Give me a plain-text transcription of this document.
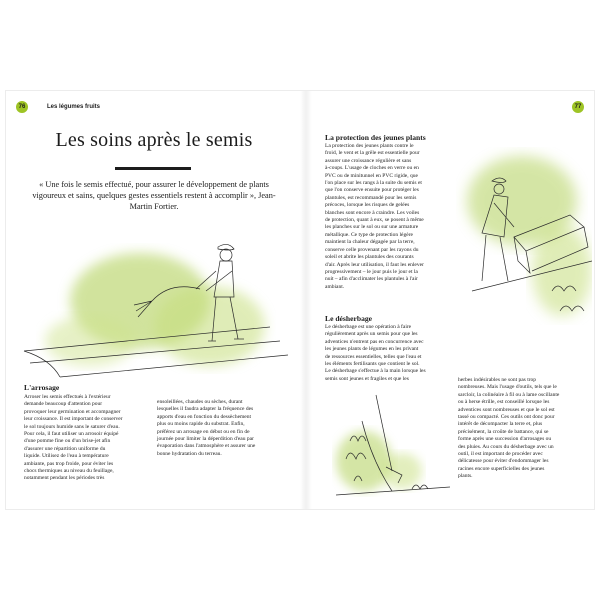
76	Les légumes fruits
Les soins après le semis

« Une fois le semis effectué, pour assurer le développement de plants vigoureux et sains, quelques gestes essentiels restent à accomplir », Jean-Martin Fortier.

L'arrosage

Arroser les semis effectués à l'extérieur
demande beaucoup d'attention pour
provoquer leur germination et accompagner
leur croissance. Il est important de conserver
le sol toujours humide sans le saturer d'eau.
Pour cela, il faut utiliser un arrosoir équipé
d'une pomme fine ou d'un brise-jet afin
d'assurer une répartition uniforme du
liquide. Utilisez de l'eau à température
ambiante, pas trop froide, pour éviter les
chocs thermiques au niveau du feuillage,
notamment pendant les périodes très

ensoleillées, chaudes ou sèches, durant
lesquelles il faudra adapter la fréquence des
apports d'eau en fonction du dessèchement
plus ou moins rapide du substrat. Enfin,
préférez un arrosage en début ou en fin de
journée pour limiter la déperdition d'eau par
évaporation dans l'atmosphère et assurer une
bonne hydratation du terreau.

77
La protection des jeunes plants

La protection des jeunes plants contre le
froid, le vent et la grêle est essentielle pour
assurer une croissance régulière et sans
à-coups. L'usage de cloches en verre ou en
PVC ou de minitunnel en PVC rigide, que
l'on place sur les rangs à la suite du semis et
que l'on conserve ensuite pour protéger les
plantules, est recommandé pour les semis
précoces, lorsque les risques de gelées
blanches sont encore à craindre. Les voiles
de protection, quant à eux, se posent à même
les planches sur le sol ou sur une armature
métallique. Ce type de protection légère
maintient la chaleur dégagée par la terre,
conserve celle provenant par les rayons du
soleil et abrite les plantules des courants
d'air. Après leur utilisation, il faut les enlever
progressivement – le jour puis le jour et la
nuit – afin d'acclimater les plantules à l'air
ambiant.

Le désherbage

Le désherbage est une opération à faire
régulièrement après un semis pour que les
adventices n'entrent pas en concurrence avec
les jeunes plants de légumes en les privant
de ressources essentielles, telles que l'eau et
les éléments fertilisants que contient le sol.
Le désherbage s'effectue à la main lorsque les
semis sont jeunes et fragiles et que les	herbes indésirables ne sont pas trop
nombreuses. Mais l'usage d'outils, tels que le
sarcloir, la colinéaire à fil ou à lame oscillante
ou à herse étrille, est conseillé lorsque les
adventices sont nombreuses et que le sol est
tassé ou compacté. Ces outils ont donc pour
intérêt de décompacter la terre et, plus
précisément, la croûte de battance, qui se
forme après une succession d'arrosages ou
des pluies. Au cours du désherbage avec un
outil, il est important de procéder avec
délicatesse pour éviter d'endommager les
racines encore superficielles des jeunes
plants.
